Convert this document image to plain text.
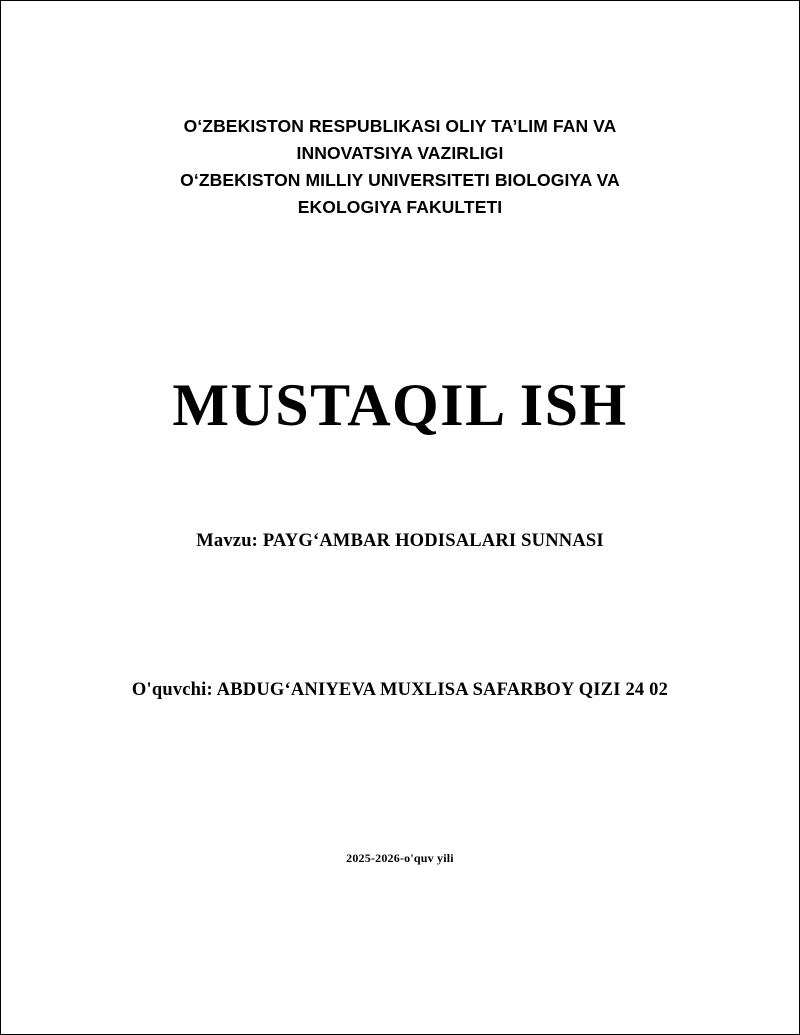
O‘ZBEKISTON RESPUBLIKASI OLIY TA’LIM FAN VA
INNOVATSIYA VAZIRLIGI
O‘ZBEKISTON MILLIY UNIVERSITETI BIOLOGIYA VA
EKOLOGIYA FAKULTETI
MUSTAQIL ISH
Mavzu: PAYG‘AMBAR HODISALARI SUNNASI
O'quvchi: ABDUG‘ANIYEVA MUXLISA SAFARBOY QIZI 24 02
2025-2026-o'quv yili
